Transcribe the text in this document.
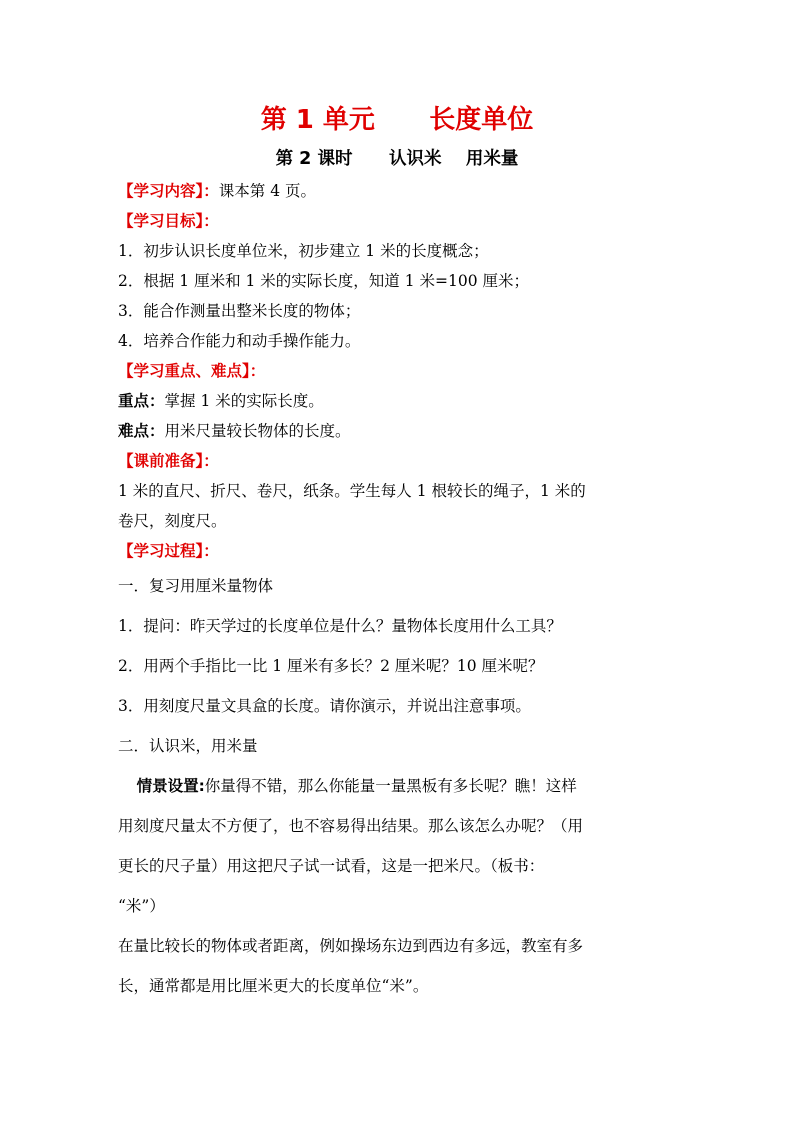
第 1 单元      长度单位
第 2 课时      认识米    用米量
【学习内容】：课本第 4 页。
【学习目标】：
1．初步认识长度单位米，初步建立 1 米的长度概念；
2．根据 1 厘米和 1 米的实际长度，知道 1 米=100 厘米；
3．能合作测量出整米长度的物体；
4．培养合作能力和动手操作能力。
【学习重点、难点】：
重点：掌握 1 米的实际长度。
难点：用米尺量较长物体的长度。
【课前准备】：
1 米的直尺、折尺、卷尺，纸条。学生每人 1 根较长的绳子，1 米的
卷尺，刻度尺。
【学习过程】：
一．复习用厘米量物体
1．提问：昨天学过的长度单位是什么？量物体长度用什么工具？
2．用两个手指比一比 1 厘米有多长？2 厘米呢？10 厘米呢？
3．用刻度尺量文具盒的长度。请你演示，并说出注意事项。
二．认识米，用米量
情景设置:你量得不错，那么你能量一量黑板有多长呢？瞧！这样
用刻度尺量太不方便了，也不容易得出结果。那么该怎么办呢？（用
更长的尺子量）用这把尺子试一试看，这是一把米尺。（板书：
“米”）
在量比较长的物体或者距离，例如操场东边到西边有多远，教室有多
长，通常都是用比厘米更大的长度单位“米”。
